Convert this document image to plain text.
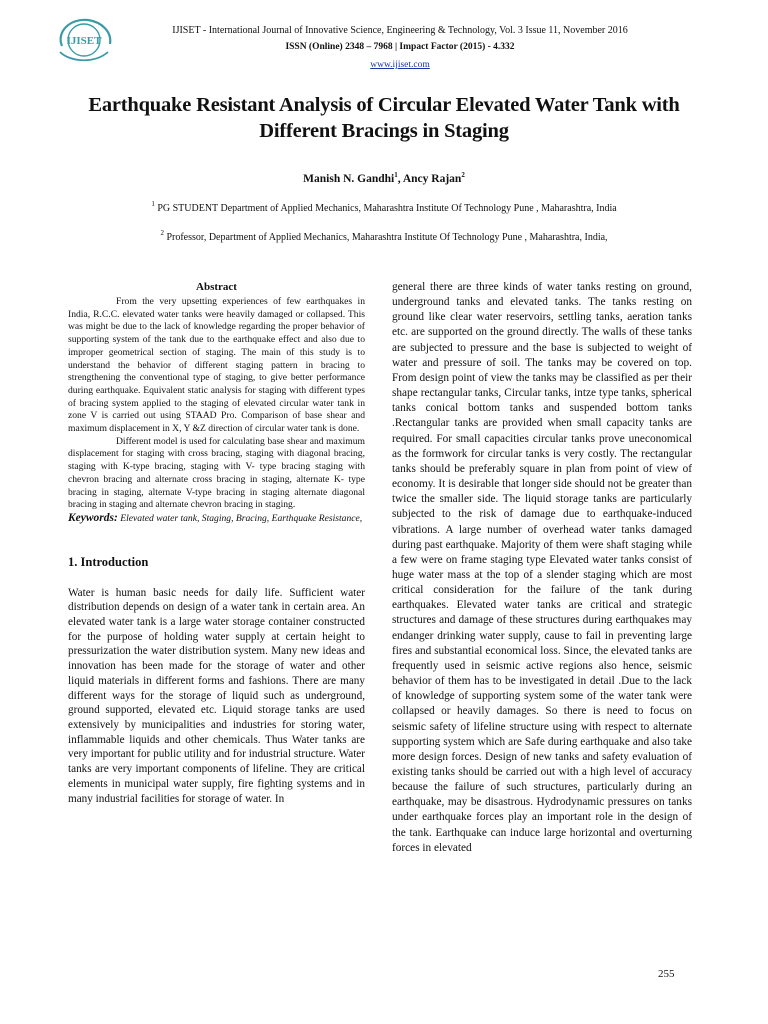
IJISET

IJISET - International Journal of Innovative Science, Engineering & Technology, Vol. 3 Issue 11, November 2016

ISSN (Online) 2348 – 7968 | Impact Factor (2015) - 4.332

www.ijiset.com

Earthquake Resistant Analysis of Circular Elevated Water Tank with Different Bracings in Staging

Manish N. Gandhi$^1$, Ancy Rajan$^2$

$^1$ PG STUDENT Department of Applied Mechanics, Maharashtra Institute Of Technology Pune , Maharashtra, India

$^2$ Professor, Department of Applied Mechanics, Maharashtra Institute Of Technology Pune , Maharashtra, India,

Abstract

From the very upsetting experiences of few earthquakes in India, R.C.C. elevated water tanks were heavily damaged or collapsed. This was might be due to the lack of knowledge regarding the proper behavior of supporting system of the tank due to the earthquake effect and also due to improper geometrical section of staging. The main of this study is to understand the behavior of different staging pattern in bracing to strengthening the conventional type of staging, to give better performance during earthquake. Equivalent static analysis for staging with different types of bracing system applied to the staging of elevated circular water tank in zone V is carried out using STAAD Pro. Comparison of base shear and maximum displacement in X, Y &Z direction of circular water tank is done.

Different model is used for calculating base shear and maximum displacement for staging with cross bracing, staging with diagonal bracing, staging with K-type bracing, staging with V- type bracing staging with chevron bracing and alternate cross bracing in staging, alternate K- type bracing in staging, alternate V-type bracing in staging alternate diagonal bracing in staging and alternate chevron bracing in staging.

Keywords: Elevated water tank, Staging, Bracing, Earthquake Resistance,

1. Introduction

Water is human basic needs for daily life. Sufficient water distribution depends on design of a water tank in certain area. An elevated water tank is a large water storage container constructed for the purpose of holding water supply at certain height to pressurization the water distribution system. Many new ideas and innovation has been made for the storage of water and other liquid materials in different forms and fashions. There are many different ways for the storage of liquid such as underground, ground supported, elevated etc. Liquid storage tanks are used extensively by municipalities and industries for storing water, inflammable liquids and other chemicals. Thus Water tanks are very important for public utility and for industrial structure. Water tanks are very important components of lifeline. They are critical elements in municipal water supply, fire fighting systems and in many industrial facilities for storage of water. In

general there are three kinds of water tanks resting on ground, underground tanks and elevated tanks. The tanks resting on ground like clear water reservoirs, settling tanks, aeration tanks etc. are supported on the ground directly. The walls of these tanks are subjected to pressure and the base is subjected to weight of water and pressure of soil. The tanks may be covered on top. From design point of view the tanks may be classified as per their shape rectangular tanks, Circular tanks, intze type tanks, spherical tanks conical bottom tanks and suspended bottom tanks .Rectangular tanks are provided when small capacity tanks are required. For small capacities circular tanks prove uneconomical as the formwork for circular tanks is very costly. The rectangular tanks should be preferably square in plan from point of view of economy. It is desirable that longer side should not be greater than twice the smaller side. The liquid storage tanks are particularly subjected to the risk of damage due to earthquake-induced vibrations. A large number of overhead water tanks damaged during past earthquake. Majority of them were shaft staging while a few were on frame staging type Elevated water tanks consist of huge water mass at the top of a slender staging which are most critical consideration for the failure of the tank during earthquakes. Elevated water tanks are critical and strategic structures and damage of these structures during earthquakes may endanger drinking water supply, cause to fail in preventing large fires and substantial economical loss. Since, the elevated tanks are frequently used in seismic active regions also hence, seismic behavior of them has to be investigated in detail .Due to the lack of knowledge of supporting system some of the water tank were collapsed or heavily damages. So there is need to focus on seismic safety of lifeline structure using with respect to alternate supporting system which are Safe during earthquake and also take more design forces. Design of new tanks and safety evaluation of existing tanks should be carried out with a high level of accuracy because the failure of such structures, particularly during an earthquake, may be disastrous. Hydrodynamic pressures on tanks under earthquake forces play an important role in the design of the tank. Earthquake can induce large horizontal and overturning forces in elevated

255
